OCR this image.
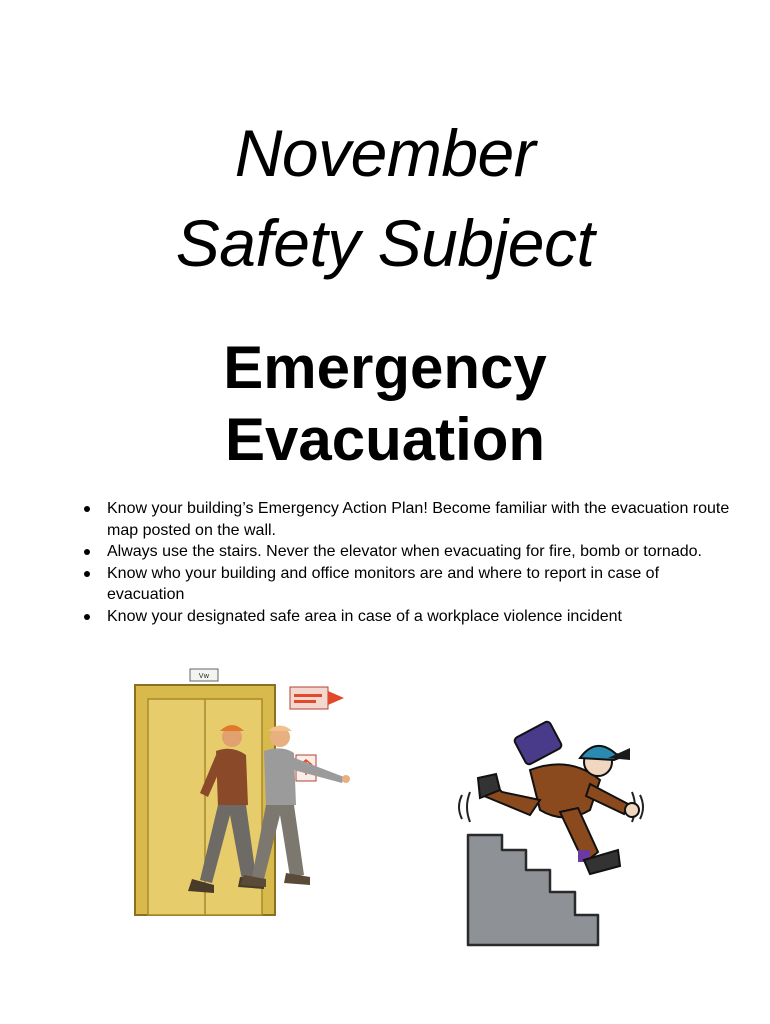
November
Safety Subject
Emergency
Evacuation
Know your building’s Emergency Action Plan! Become familiar with the evacuation route map posted on the wall.
Always use the stairs. Never the elevator when evacuating for fire, bomb or tornado.
Know who your building and office monitors are and where to report in case of evacuation
Know your designated safe area in case of a workplace violence incident
Vw
